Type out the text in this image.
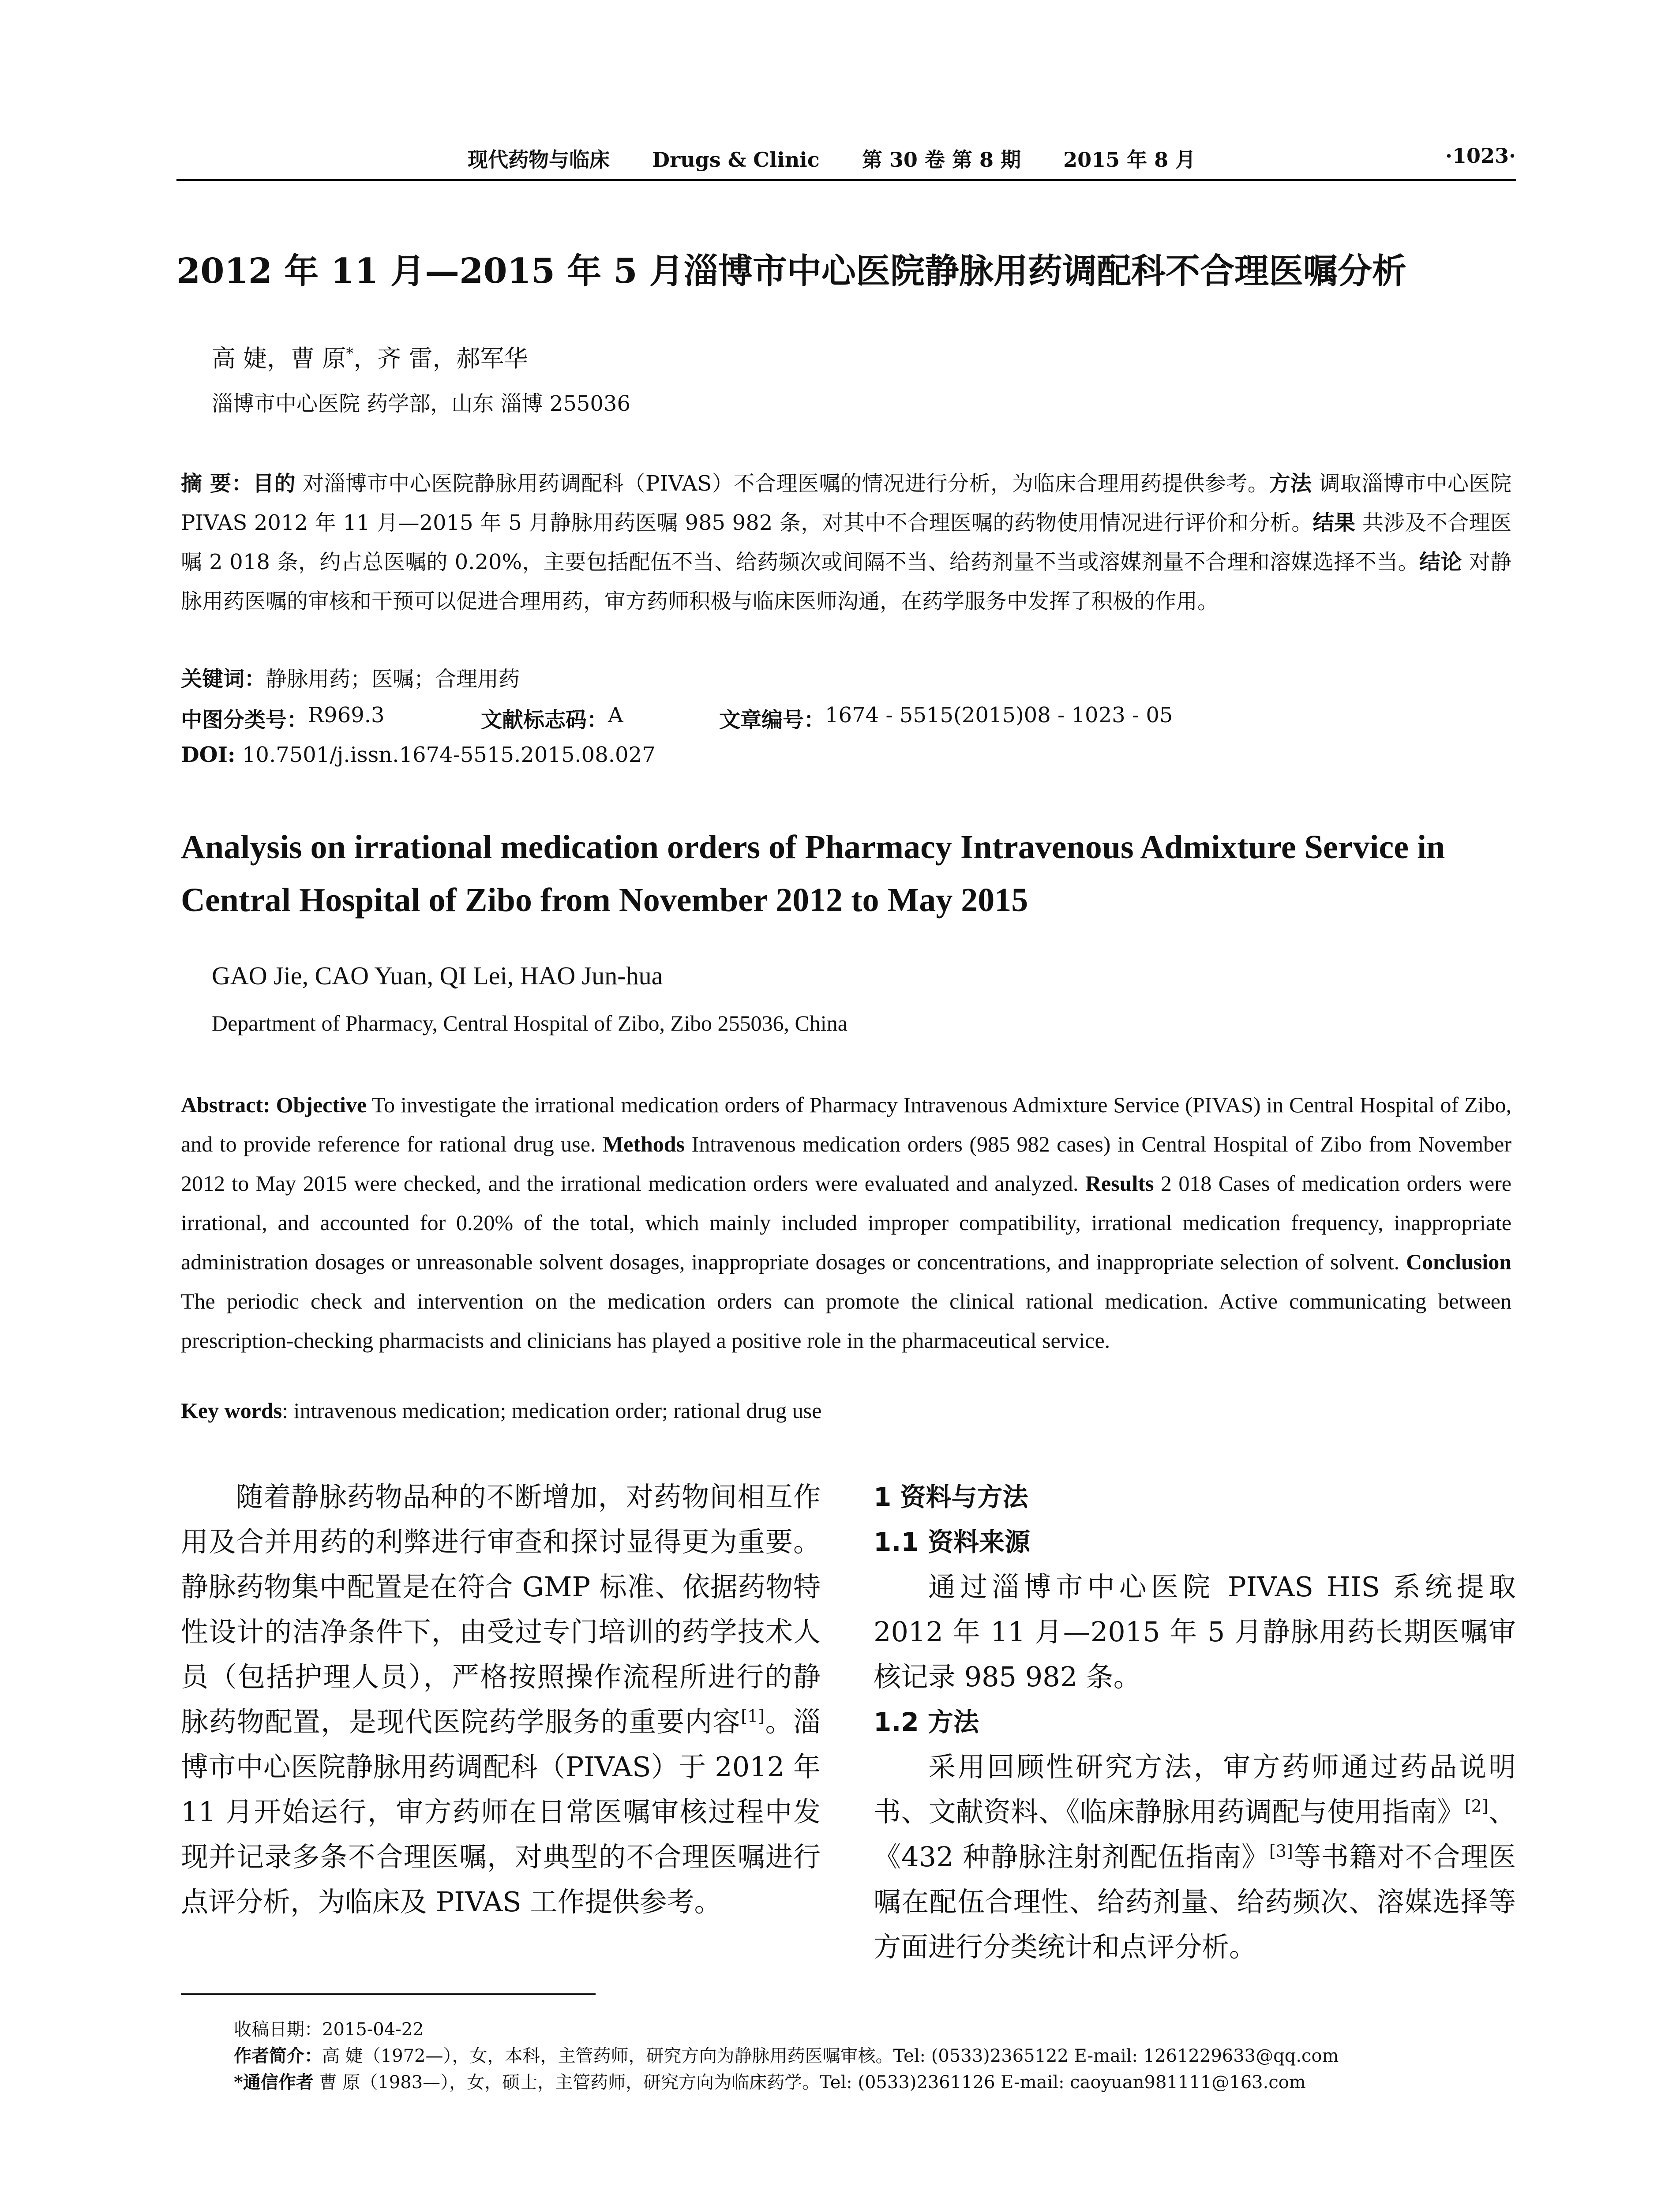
现代药物与临床 Drugs & Clinic 第 30 卷 第 8 期 2015 年 8 月	·1023·
2012 年 11 月—2015 年 5 月淄博市中心医院静脉用药调配科不合理医嘱分析
高 婕，曹 原*，齐 雷，郝军华
淄博市中心医院 药学部，山东 淄博 255036
摘 要：目的 对淄博市中心医院静脉用药调配科（PIVAS）不合理医嘱的情况进行分析，为临床合理用药提供参考。方法 调取淄博市中心医院 PIVAS 2012 年 11 月—2015 年 5 月静脉用药医嘱 985 982 条，对其中不合理医嘱的药物使用情况进行评价和分析。结果 共涉及不合理医嘱 2 018 条，约占总医嘱的 0.20%，主要包括配伍不当、给药频次或间隔不当、给药剂量不当或溶媒剂量不合理和溶媒选择不当。结论 对静脉用药医嘱的审核和干预可以促进合理用药，审方药师积极与临床医师沟通，在药学服务中发挥了积极的作用。
关键词：静脉用药；医嘱；合理用药
中图分类号： R969.3	文献标志码： A	文章编号： 1674 - 5515(2015)08 - 1023 - 05
DOI: 10.7501/j.issn.1674-5515.2015.08.027
Analysis on irrational medication orders of Pharmacy Intravenous Admixture Service in Central Hospital of Zibo from November 2012 to May 2015
GAO Jie, CAO Yuan, QI Lei, HAO Jun-hua
Department of Pharmacy, Central Hospital of Zibo, Zibo 255036, China
Abstract: Objective To investigate the irrational medication orders of Pharmacy Intravenous Admixture Service (PIVAS) in Central Hospital of Zibo, and to provide reference for rational drug use. Methods Intravenous medication orders (985 982 cases) in Central Hospital of Zibo from November 2012 to May 2015 were checked, and the irrational medication orders were evaluated and analyzed. Results 2 018 Cases of medication orders were irrational, and accounted for 0.20% of the total, which mainly included improper compatibility, irrational medication frequency, inappropriate administration dosages or unreasonable solvent dosages, inappropriate dosages or concentrations, and inappropriate selection of solvent. Conclusion The periodic check and intervention on the medication orders can promote the clinical rational medication. Active communicating between prescription-checking pharmacists and clinicians has played a positive role in the pharmaceutical service.
Key words: intravenous medication; medication order; rational drug use

随着静脉药物品种的不断增加，对药物间相互作用及合并用药的利弊进行审查和探讨显得更为重要。静脉药物集中配置是在符合 GMP 标准、依据药物特性设计的洁净条件下，由受过专门培训的药学技术人员（包括护理人员），严格按照操作流程所进行的静脉药物配置，是现代医院药学服务的重要内容[1]。淄博市中心医院静脉用药调配科（PIVAS）于 2012 年 11 月开始运行，审方药师在日常医嘱审核过程中发现并记录多条不合理医嘱，对典型的不合理医嘱进行点评分析，为临床及 PIVAS 工作提供参考。

1 资料与方法

1.1 资料来源

通过淄博市中心医院 PIVAS HIS 系统提取 2012 年 11 月—2015 年 5 月静脉用药长期医嘱审核记录 985 982 条。

1.2 方法

采用回顾性研究方法，审方药师通过药品说明书、文献资料、《临床静脉用药调配与使用指南》[2]、《432 种静脉注射剂配伍指南》[3]等书籍对不合理医嘱在配伍合理性、给药剂量、给药频次、溶媒选择等方面进行分类统计和点评分析。

收稿日期：2015-04-22
作者简介：高 婕（1972—），女，本科，主管药师，研究方向为静脉用药医嘱审核。Tel: (0533)2365122 E-mail: 1261229633@qq.com
*通信作者 曹 原（1983—），女，硕士，主管药师，研究方向为临床药学。Tel: (0533)2361126 E-mail: caoyuan981111@163.com
